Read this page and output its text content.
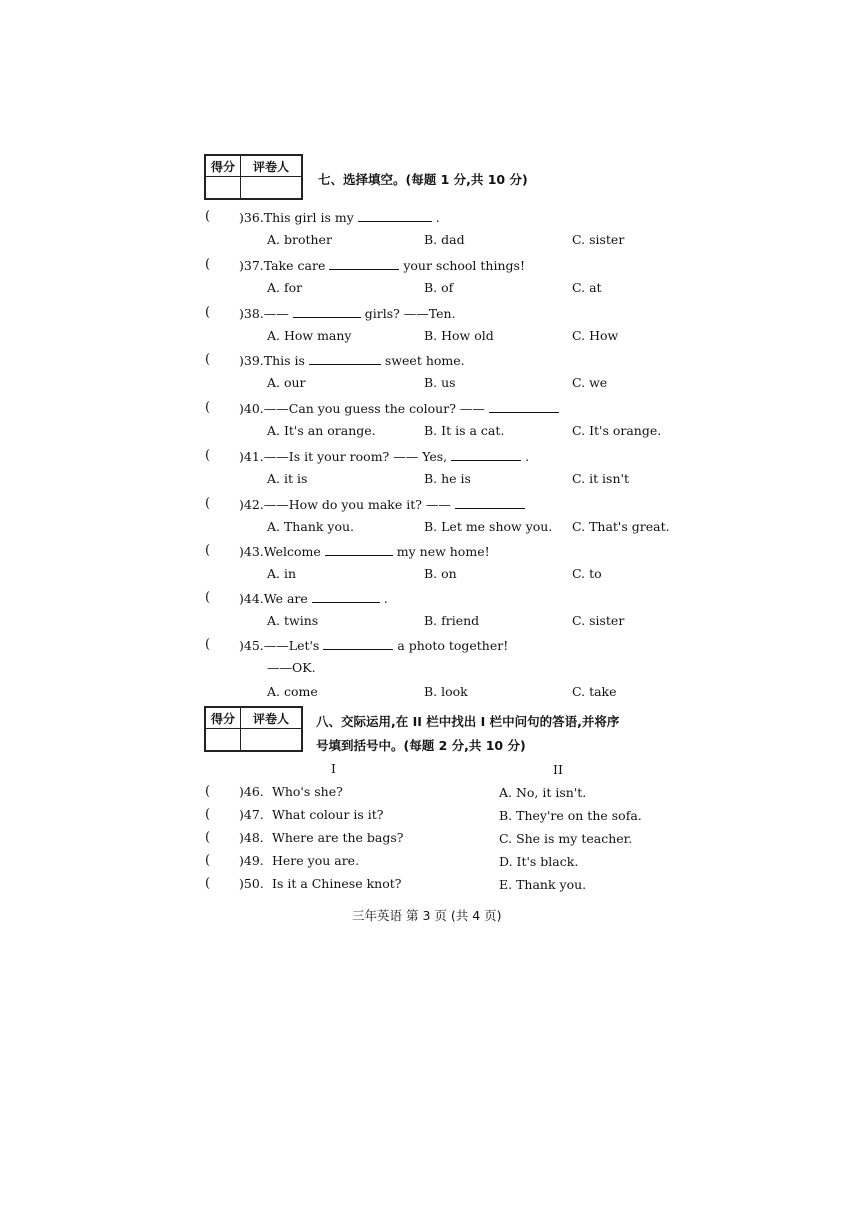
得分	评卷人

七、选择填空。(每题 1 分,共 10 分)
( )36.This girl is my	.
A. brother	B. dad	C. sister
( )37.Take care	your school things!
A. for	B. of	C. at
( )38.——	girls? ——Ten.
A. How many	B. How old	C. How
( )39.This is	sweet home.
A. our	B. us	C. we
( )40.——Can you guess the colour? ——
A. It's an orange.	B. It is a cat.	C. It's orange.
( )41.——Is it your room? —— Yes,	.
A. it is	B. he is	C. it isn't
( )42.——How do you make it? ——
A. Thank you.	B. Let me show you. C. That's great.
( )43.Welcome	my new home!
A. in	B. on	C. to
( )44.We are	.
A. twins	B. friend	C. sister
( )45.——Let's	a photo together!
——OK.
A. come	B. look	C. take
得分	评卷人
	八、交际运用,在 II 栏中找出 I 栏中问句的答语,并将序
号填到括号中。(每题 2 分,共 10 分)
I	II
( )46. Who's she?	A. No, it isn't.
( )47. What colour is it?	B. They're on the sofa.
( )48. Where are the bags?	C. She is my teacher.
( )49. Here you are.	D. It's black.
( )50. Is it a Chinese knot?	E. Thank you.
三年英语 第 3 页 (共 4 页)
